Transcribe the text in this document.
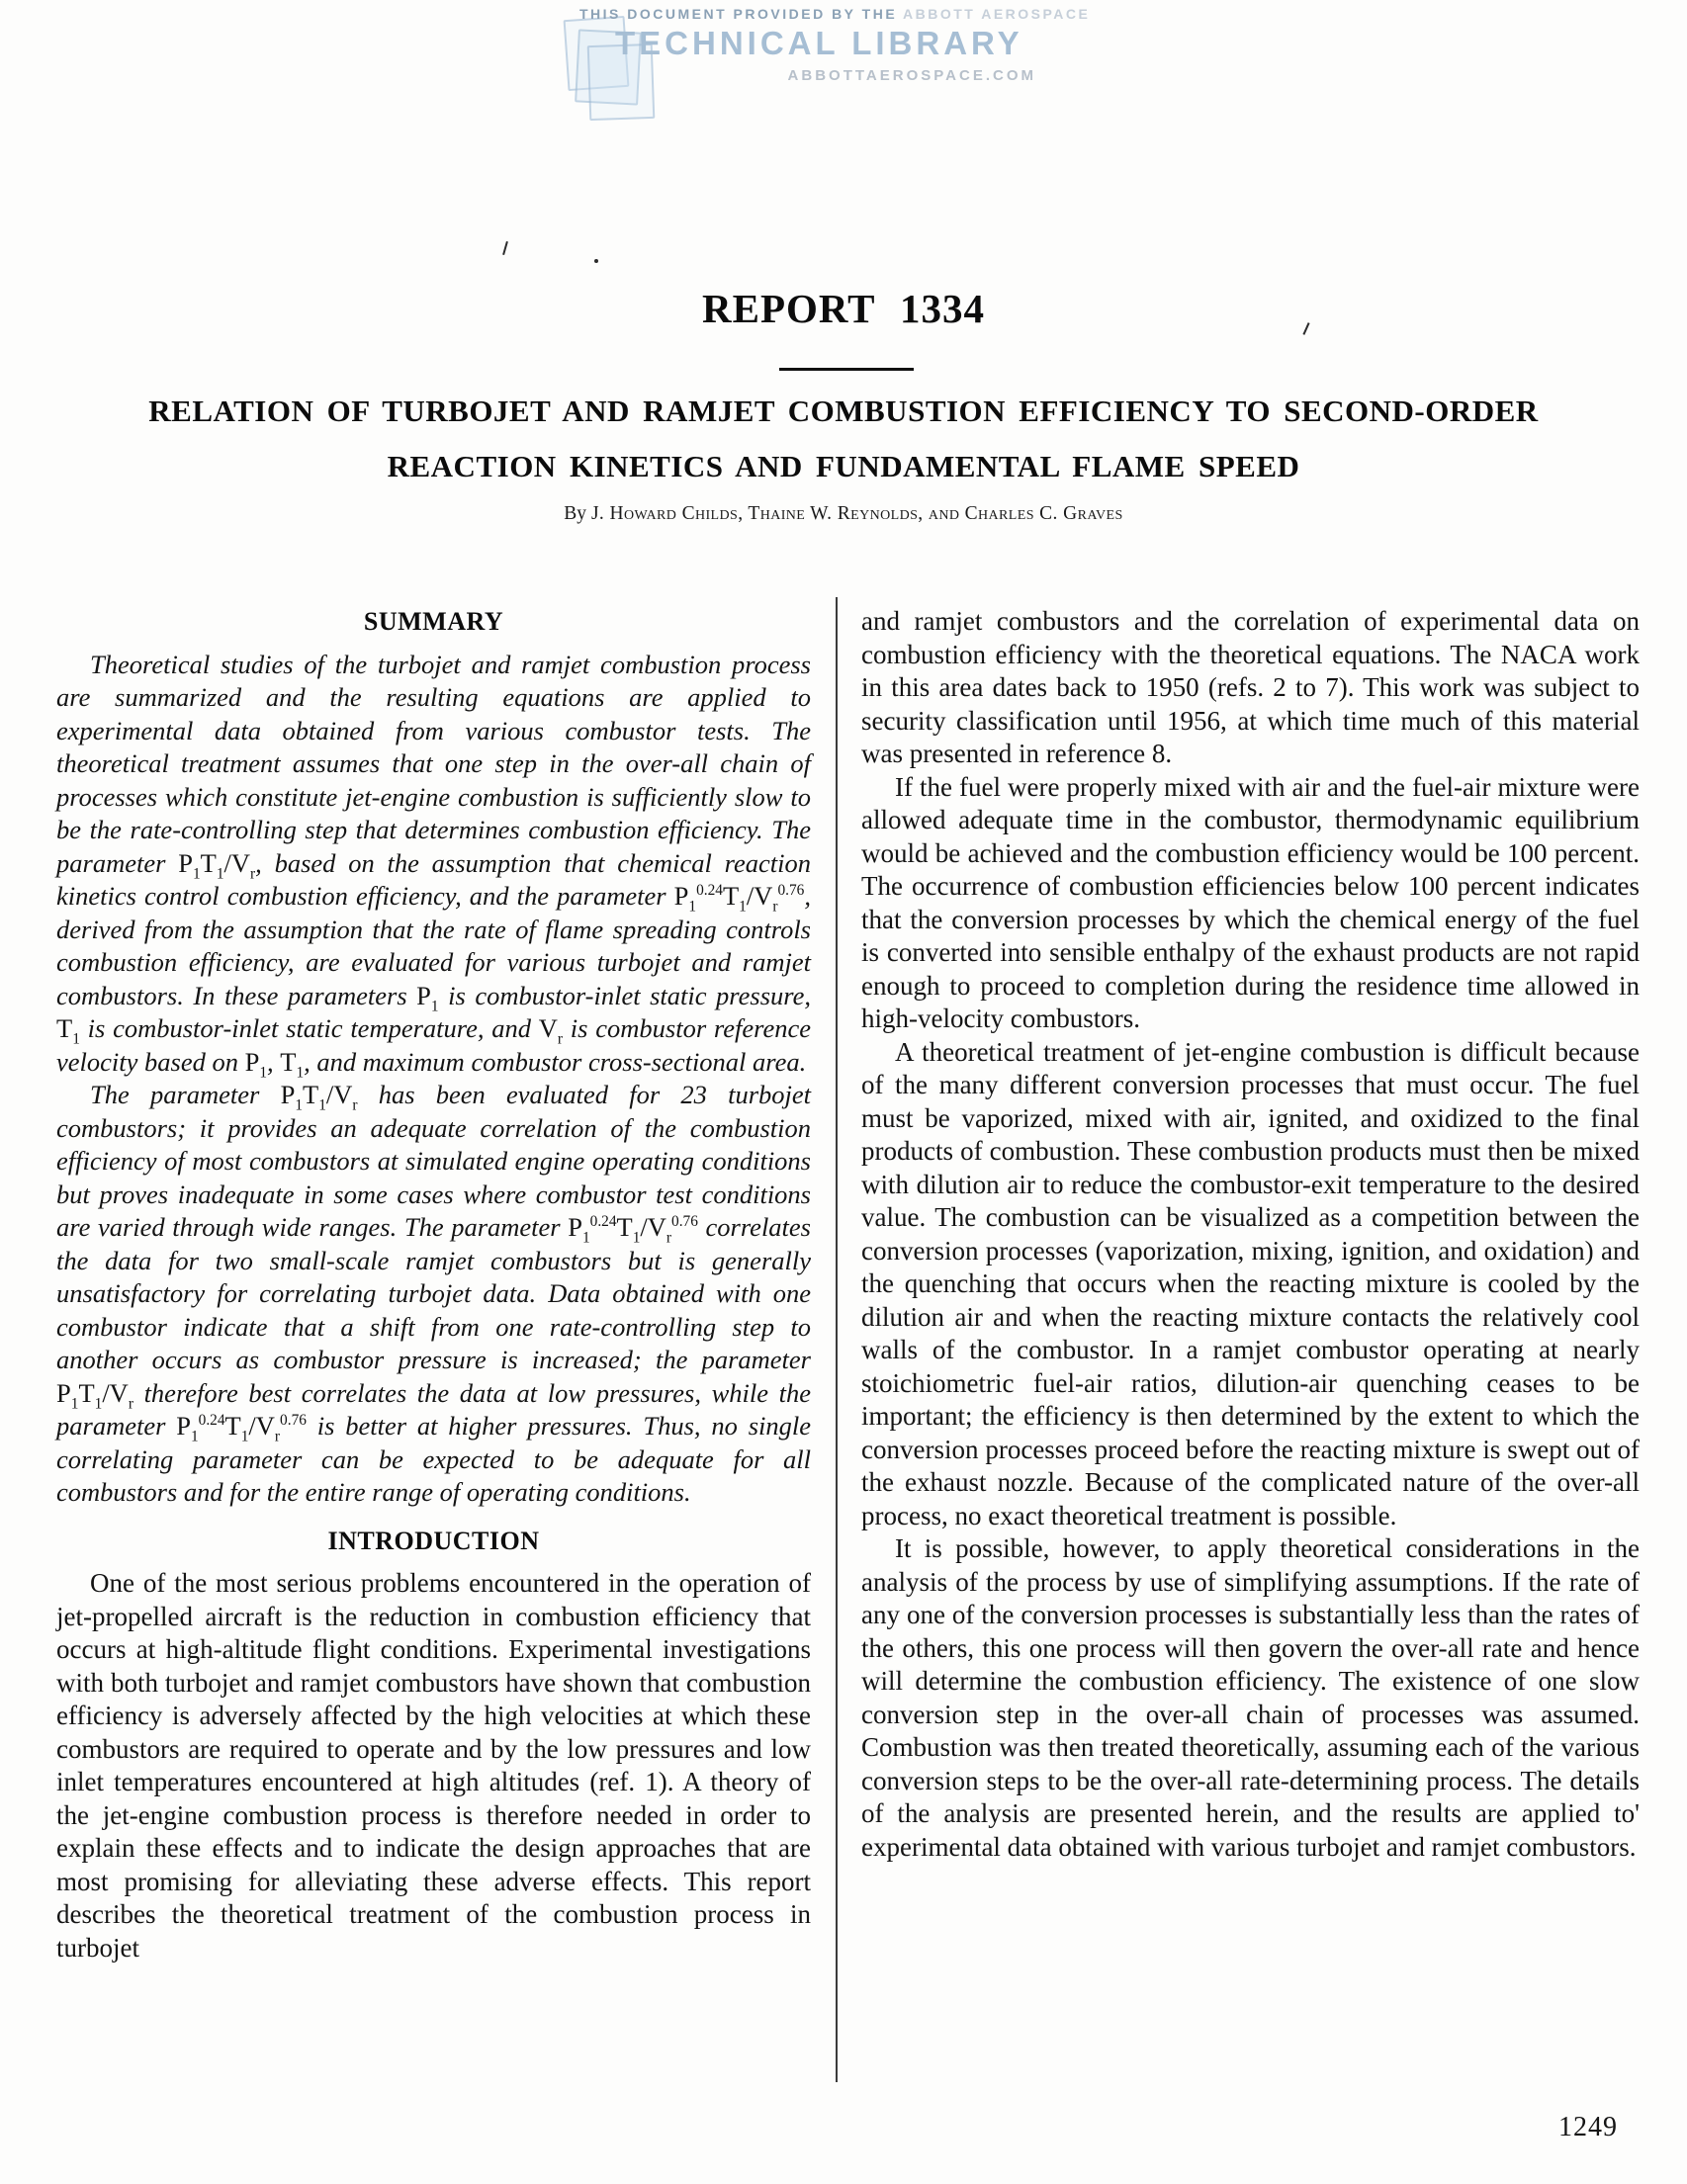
THIS DOCUMENT PROVIDED BY THE ABBOTT AEROSPACE
TECHNICAL LIBRARY
ABBOTTAEROSPACE.COM
REPORT 1334
RELATION OF TURBOJET AND RAMJET COMBUSTION EFFICIENCY TO SECOND-ORDER
REACTION KINETICS AND FUNDAMENTAL FLAME SPEED
By J. Howard Childs, Thaine W. Reynolds, and Charles C. Graves
SUMMARY

Theoretical studies of the turbojet and ramjet combustion process are summarized and the resulting equations are applied to experimental data obtained from various combustor tests. The theoretical treatment assumes that one step in the over-all chain of processes which constitute jet-engine combustion is sufficiently slow to be the rate-controlling step that determines combustion efficiency. The parameter $P_1T_1/V_r$, based on the assumption that chemical reaction kinetics control combustion efficiency, and the parameter $P_1^{0.24}T_1/V_r^{0.76}$, derived from the assumption that the rate of flame spreading controls combustion efficiency, are evaluated for various turbojet and ramjet combustors. In these parameters $P_1$ is combustor-inlet static pressure, $T_1$ is combustor-inlet static temperature, and $V_r$ is combustor reference velocity based on $P_1$, $T_1$, and maximum combustor cross-sectional area.

The parameter $P_1T_1/V_r$ has been evaluated for 23 turbojet combustors; it provides an adequate correlation of the combustion efficiency of most combustors at simulated engine operating conditions but proves inadequate in some cases where combustor test conditions are varied through wide ranges. The parameter $P_1^{0.24}T_1/V_r^{0.76}$ correlates the data for two small-scale ramjet combustors but is generally unsatisfactory for correlating turbojet data. Data obtained with one combustor indicate that a shift from one rate-controlling step to another occurs as combustor pressure is increased; the parameter $P_1T_1/V_r$ therefore best correlates the data at low pressures, while the parameter $P_1^{0.24}T_1/V_r^{0.76}$ is better at higher pressures. Thus, no single correlating parameter can be expected to be adequate for all combustors and for the entire range of operating conditions.

INTRODUCTION

One of the most serious problems encountered in the operation of jet-propelled aircraft is the reduction in combustion efficiency that occurs at high-altitude flight conditions. Experimental investigations with both turbojet and ramjet combustors have shown that combustion efficiency is adversely affected by the high velocities at which these combustors are required to operate and by the low pressures and low inlet temperatures encountered at high altitudes (ref. 1). A theory of the jet-engine combustion process is therefore needed in order to explain these effects and to indicate the design approaches that are most promising for alleviating these adverse effects. This report describes the theoretical treatment of the combustion process in turbojet

and ramjet combustors and the correlation of experimental data on combustion efficiency with the theoretical equations. The NACA work in this area dates back to 1950 (refs. 2 to 7). This work was subject to security classification until 1956, at which time much of this material was presented in reference 8.

If the fuel were properly mixed with air and the fuel-air mixture were allowed adequate time in the combustor, thermodynamic equilibrium would be achieved and the combustion efficiency would be 100 percent. The occurrence of combustion efficiencies below 100 percent indicates that the conversion processes by which the chemical energy of the fuel is converted into sensible enthalpy of the exhaust products are not rapid enough to proceed to completion during the residence time allowed in high-velocity combustors.

A theoretical treatment of jet-engine combustion is difficult because of the many different conversion processes that must occur. The fuel must be vaporized, mixed with air, ignited, and oxidized to the final products of combustion. These combustion products must then be mixed with dilution air to reduce the combustor-exit temperature to the desired value. The combustion can be visualized as a competition between the conversion processes (vaporization, mixing, ignition, and oxidation) and the quenching that occurs when the reacting mixture is cooled by the dilution air and when the reacting mixture contacts the relatively cool walls of the combustor. In a ramjet combustor operating at nearly stoichiometric fuel-air ratios, dilution-air quenching ceases to be important; the efficiency is then determined by the extent to which the conversion processes proceed before the reacting mixture is swept out of the exhaust nozzle. Because of the complicated nature of the over-all process, no exact theoretical treatment is possible.

It is possible, however, to apply theoretical considerations in the analysis of the process by use of simplifying assumptions. If the rate of any one of the conversion processes is substantially less than the rates of the others, this one process will then govern the over-all rate and hence will determine the combustion efficiency. The existence of one slow conversion step in the over-all chain of processes was assumed. Combustion was then treated theoretically, assuming each of the various conversion steps to be the over-all rate-determining process. The details of the analysis are presented herein, and the results are applied to' experimental data obtained with various turbojet and ramjet combustors.

1249
